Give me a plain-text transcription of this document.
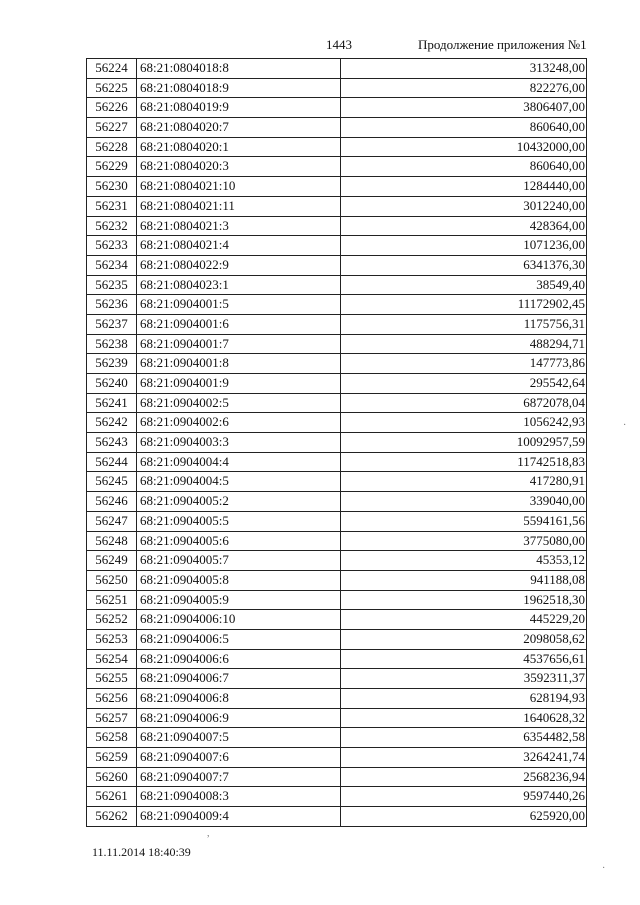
1443	Продолжение приложения №1
56224 68:21:0804018:8	313248,00
56225 68:21:0804018:9	822276,00
56226 68:21:0804019:9	3806407,00
56227 68:21:0804020:7	860640,00
56228 68:21:0804020:1	10432000,00
56229 68:21:0804020:3	860640,00
56230 68:21:0804021:10	1284440,00
56231 68:21:0804021:11	3012240,00
56232 68:21:0804021:3	428364,00
56233 68:21:0804021:4	1071236,00
56234 68:21:0804022:9	6341376,30
56235 68:21:0804023:1	38549,40
56236 68:21:0904001:5	11172902,45
56237 68:21:0904001:6	1175756,31
56238 68:21:0904001:7	488294,71
56239 68:21:0904001:8	147773,86
56240 68:21:0904001:9	295542,64
56241 68:21:0904002:5	6872078,04
56242 68:21:0904002:6	1056242,93
56243 68:21:0904003:3	10092957,59
56244 68:21:0904004:4	11742518,83
56245 68:21:0904004:5	417280,91
56246 68:21:0904005:2	339040,00
56247 68:21:0904005:5	5594161,56
56248 68:21:0904005:6	3775080,00
56249 68:21:0904005:7	45353,12
56250 68:21:0904005:8	941188,08
56251 68:21:0904005:9	1962518,30
56252 68:21:0904006:10	445229,20
56253 68:21:0904006:5	2098058,62
56254 68:21:0904006:6	4537656,61
56255 68:21:0904006:7	3592311,37
56256 68:21:0904006:8	628194,93
56257 68:21:0904006:9	1640628,32
56258 68:21:0904007:5	6354482,58
56259 68:21:0904007:6	3264241,74
56260 68:21:0904007:7	2568236,94
56261 68:21:0904008:3	9597440,26
56262 68:21:0904009:4	625920,00
11.11.2014 18:40:39
,
·
·
